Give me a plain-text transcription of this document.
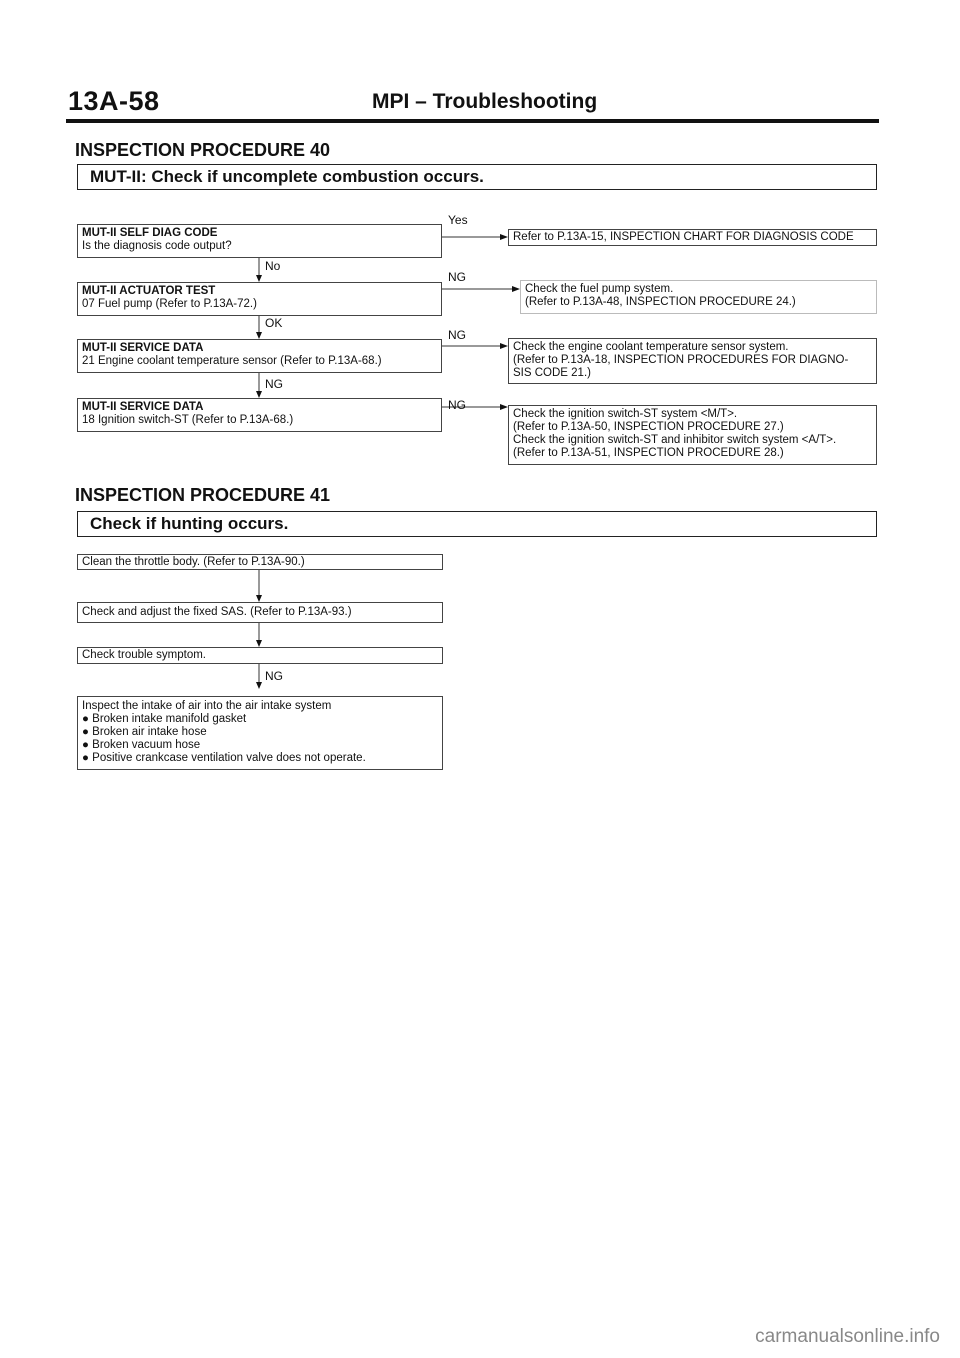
13A-58	MPI – Troubleshooting
INSPECTION PROCEDURE 40
MUT-II: Check if uncomplete combustion occurs.
MUT-II SELF DIAG CODE
Is the diagnosis code output?
MUT-II ACTUATOR TEST
07 Fuel pump (Refer to P.13A-72.)
MUT-II SERVICE DATA
21 Engine coolant temperature sensor (Refer to P.13A-68.)
MUT-II SERVICE DATA
18 Ignition switch-ST (Refer to P.13A-68.)
No
OK
NG
Yes
NG
NG
NG
Refer to P.13A-15, INSPECTION CHART FOR DIAGNOSIS CODE
Check the fuel pump system.
(Refer to P.13A-48, INSPECTION PROCEDURE 24.)
Check the engine coolant temperature sensor system.
(Refer to P.13A-18, INSPECTION PROCEDURES FOR DIAGNO-
SIS CODE 21.)
Check the ignition switch-ST system <M/T>.
(Refer to P.13A-50, INSPECTION PROCEDURE 27.)
Check the ignition switch-ST and inhibitor switch system <A/T>.
(Refer to P.13A-51, INSPECTION PROCEDURE 28.)
INSPECTION PROCEDURE 41
Check if hunting occurs.
Clean the throttle body. (Refer to P.13A-90.)
Check and adjust the fixed SAS. (Refer to P.13A-93.)
Check trouble symptom.
NG
Inspect the intake of air into the air intake system
● Broken intake manifold gasket
● Broken air intake hose
● Broken vacuum hose
● Positive crankcase ventilation valve does not operate.
carmanualsonline.info
